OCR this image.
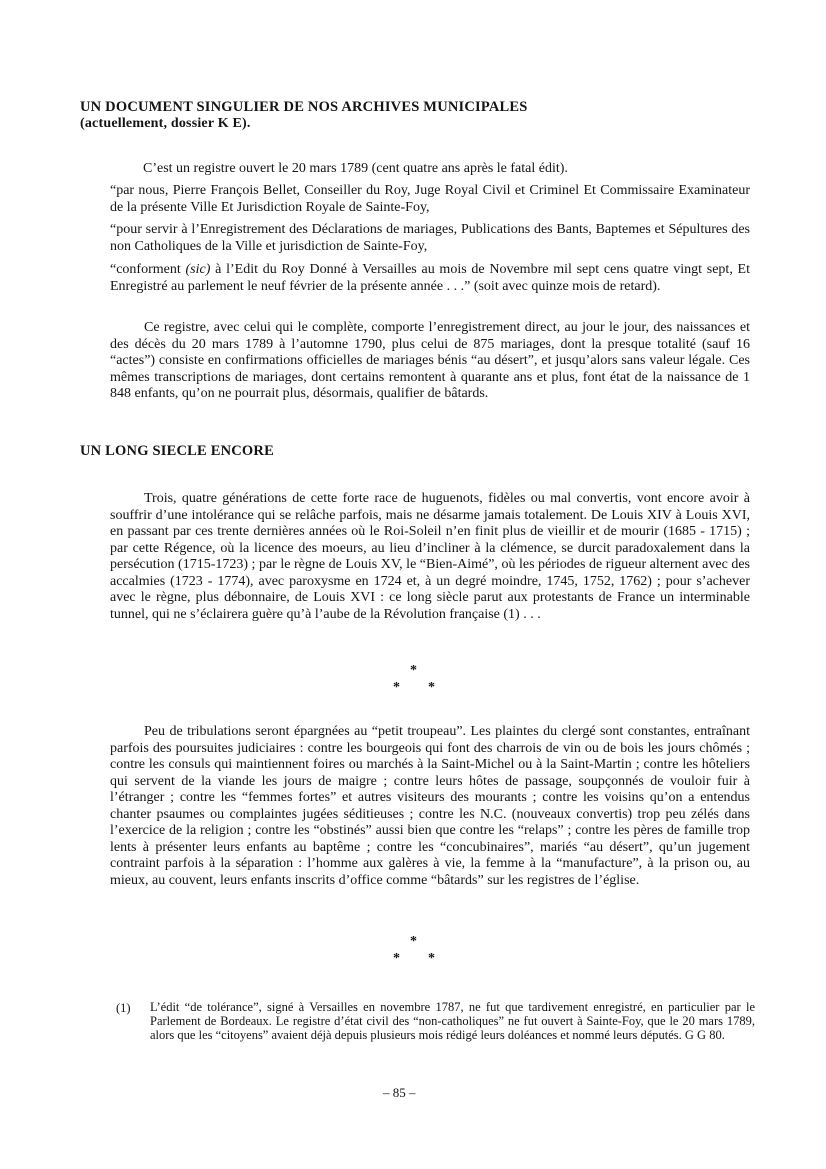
UN DOCUMENT SINGULIER DE NOS ARCHIVES MUNICIPALES
(actuellement, dossier K E).

C’est un registre ouvert le 20 mars 1789 (cent quatre ans après le fatal édit).

“par nous, Pierre François Bellet, Conseiller du Roy, Juge Royal Civil et Criminel Et Commissaire Examinateur de la présente Ville Et Jurisdiction Royale de Sainte-Foy,

“pour servir à l’Enregistrement des Déclarations de mariages, Publications des Bants, Baptemes et Sépultures des non Catholiques de la Ville et jurisdiction de Sainte-Foy,

“conforment (sic) à l’Edit du Roy Donné à Versailles au mois de Novembre mil sept cens quatre vingt sept, Et Enregistré au parlement le neuf février de la présente année . . .” (soit avec quinze mois de retard).

Ce registre, avec celui qui le complète, comporte l’enregistrement direct, au jour le jour, des naissances et des décès du 20 mars 1789 à l’automne 1790, plus celui de 875 mariages, dont la presque totalité (sauf 16 “actes”) consiste en confirmations officielles de mariages bénis “au désert”, et jusqu’alors sans valeur légale. Ces mêmes transcriptions de mariages, dont certains remontent à quarante ans et plus, font état de la naissance de 1 848 enfants, qu’on ne pourrait plus, désormais, qualifier de bâtards.

UN LONG SIECLE ENCORE

Trois, quatre générations de cette forte race de huguenots, fidèles ou mal convertis, vont encore avoir à souffrir d’une intolérance qui se relâche parfois, mais ne désarme jamais totalement. De Louis XIV à Louis XVI, en passant par ces trente dernières années où le Roi-Soleil n’en finit plus de vieillir et de mourir (1685 - 1715) ; par cette Régence, où la licence des moeurs, au lieu d’incliner à la clémence, se durcit paradoxalement dans la persécution (1715-1723) ; par le règne de Louis XV, le “Bien-Aimé”, où les périodes de rigueur alternent avec des accalmies (1723 - 1774), avec paroxysme en 1724 et, à un degré moindre, 1745, 1752, 1762) ; pour s’achever avec le règne, plus débonnaire, de Louis XVI : ce long siècle parut aux protestants de France un interminable tunnel, qui ne s’éclairera guère qu’à l’aube de la Révolution française (1) . . .

*
* *

Peu de tribulations seront épargnées au “petit troupeau”. Les plaintes du clergé sont constantes, entraînant parfois des poursuites judiciaires : contre les bourgeois qui font des charrois de vin ou de bois les jours chômés ; contre les consuls qui maintiennent foires ou marchés à la Saint-Michel ou à la Saint-Martin ; contre les hôteliers qui servent de la viande les jours de maigre ; contre leurs hôtes de passage, soupçonnés de vouloir fuir à l’étranger ; contre les “femmes fortes” et autres visiteurs des mourants ; contre les voisins qu’on a entendus chanter psaumes ou complaintes jugées séditieuses ; contre les N.C. (nouveaux convertis) trop peu zélés dans l’exercice de la religion ; contre les “obstinés” aussi bien que contre les “relaps” ; contre les pères de famille trop lents à présenter leurs enfants au baptême ; contre les “concubinaires”, mariés “au désert”, qu’un jugement contraint parfois à la séparation : l’homme aux galères à vie, la femme à la “manufacture”, à la prison ou, au mieux, au couvent, leurs enfants inscrits d’office comme “bâtards” sur les registres de l’église.

*
* *
(1) L’édit “de tolérance”, signé à Versailles en novembre 1787, ne fut que tardivement enregistré, en particulier par le Parlement de Bordeaux. Le registre d’état civil des “non-catholiques” ne fut ouvert à Sainte-Foy, que le 20 mars 1789, alors que les “citoyens” avaient déjà depuis plusieurs mois rédigé leurs doléances et nommé leurs députés. G G 80.

– 85 –
